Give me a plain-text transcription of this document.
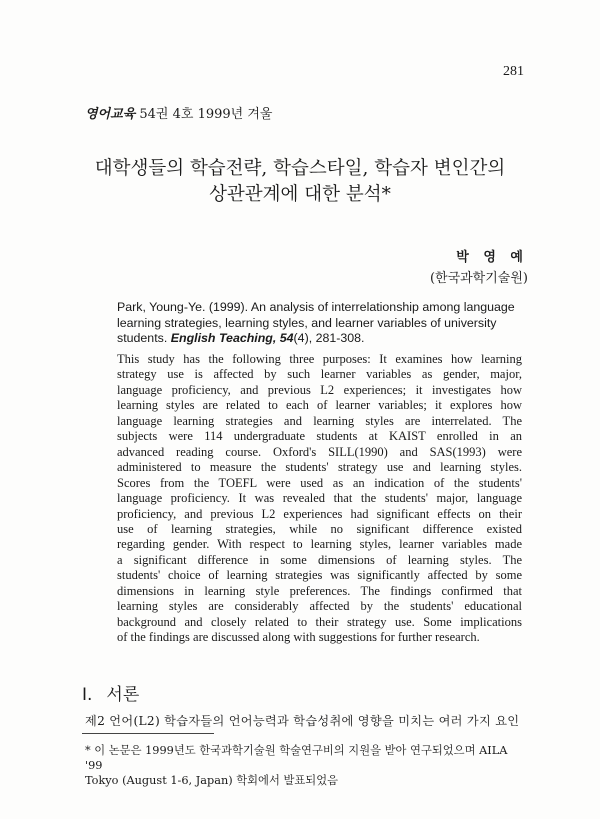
281
영어교육 54권 4호 1999년 겨울
대학생들의 학습전략, 학습스타일, 학습자 변인간의
상관관계에 대한 분석*
박 영 예
(한국과학기술원)
Park, Young-Ye. (1999). An analysis of interrelationship among language learning strategies, learning styles, and learner variables of university students. English Teaching, 54(4), 281-308.
This study has the following three purposes: It examines how learning
strategy use is affected by such learner variables as gender, major,
language proficiency, and previous L2 experiences; it investigates how
learning styles are related to each of learner variables; it explores how
language learning strategies and learning styles are interrelated. The
subjects were 114 undergraduate students at KAIST enrolled in an
advanced reading course. Oxford's SILL(1990) and SAS(1993) were
administered to measure the students' strategy use and learning styles.
Scores from the TOEFL were used as an indication of the students'
language proficiency. It was revealed that the students' major, language
proficiency, and previous L2 experiences had significant effects on their
use of learning strategies, while no significant difference existed
regarding gender. With respect to learning styles, learner variables made
a significant difference in some dimensions of learning styles. The
students' choice of learning strategies was significantly affected by some
dimensions in learning style preferences. The findings confirmed that
learning styles are considerably affected by the students' educational
background and closely related to their strategy use. Some implications
of the findings are discussed along with suggestions for further research.
I. 서론
제2 언어(L2) 학습자들의 언어능력과 학습성취에 영향을 미치는 여러 가지 요인
* 이 논문은 1999년도 한국과학기술원 학술연구비의 지원을 받아 연구되었으며 AILA '99
Tokyo (August 1-6, Japan) 학회에서 발표되었음
